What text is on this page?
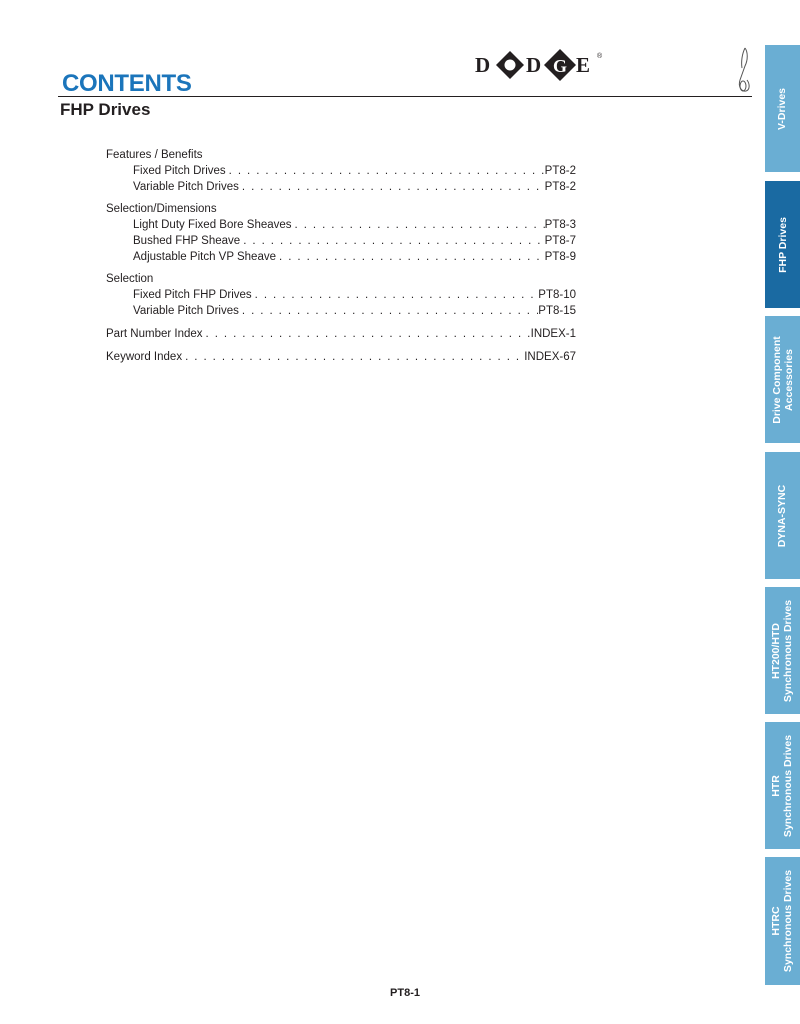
CONTENTS
FHP Drives
D D G E ®
Features / Benefits
Fixed Pitch Drives . . .	PT8-2
Variable Pitch Drives . . .	PT8-2
Selection/Dimensions
Light Duty Fixed Bore Sheaves . . .	PT8-3
Bushed FHP Sheave . . .	PT8-7
Adjustable Pitch VP Sheave . . .	PT8-9
Selection
Fixed Pitch FHP Drives . . .	PT8-10
Variable Pitch Drives . . .	PT8-15
Part Number Index . . .	INDEX-1
Keyword Index . . .	INDEX-67
V-Drives
FHP Drives
Drive Component Accessories
DYNA-SYNC
HT200/HTD Synchronous Drives
HTR Synchronous Drives
HTRC Synchronous Drives
PT8-1
